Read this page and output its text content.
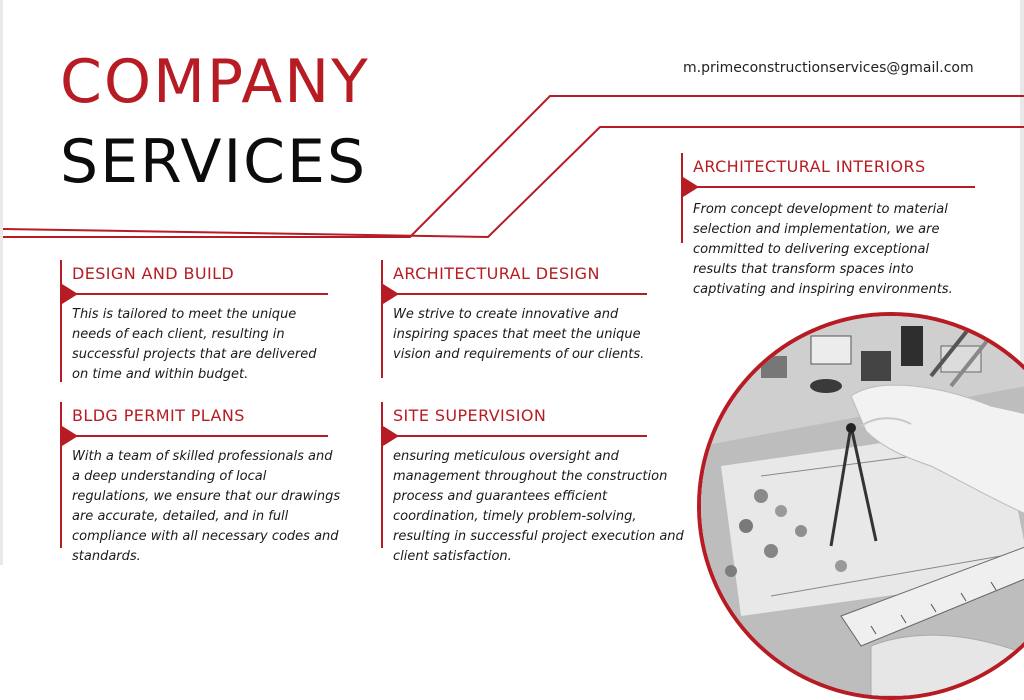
COMPANY
SERVICES
m.primeconstructionservices@gmail.com
DESIGN AND BUILD
This is tailored to meet the unique needs of each client, resulting in successful projects that are delivered on time and within budget.
ARCHITECTURAL DESIGN
We strive to create innovative and inspiring spaces that meet the unique vision and requirements of our clients.
ARCHITECTURAL INTERIORS
From concept development to material selection and implementation, we are committed to delivering exceptional results that transform spaces into captivating and inspiring environments.
BLDG PERMIT PLANS
With a team of skilled professionals and a deep understanding of local regulations, we ensure that our drawings are accurate, detailed, and in full compliance with all necessary codes and standards.
SITE SUPERVISION
ensuring meticulous oversight and management throughout the construction process and guarantees efficient coordination, timely problem-solving, resulting in successful project execution and client satisfaction.
